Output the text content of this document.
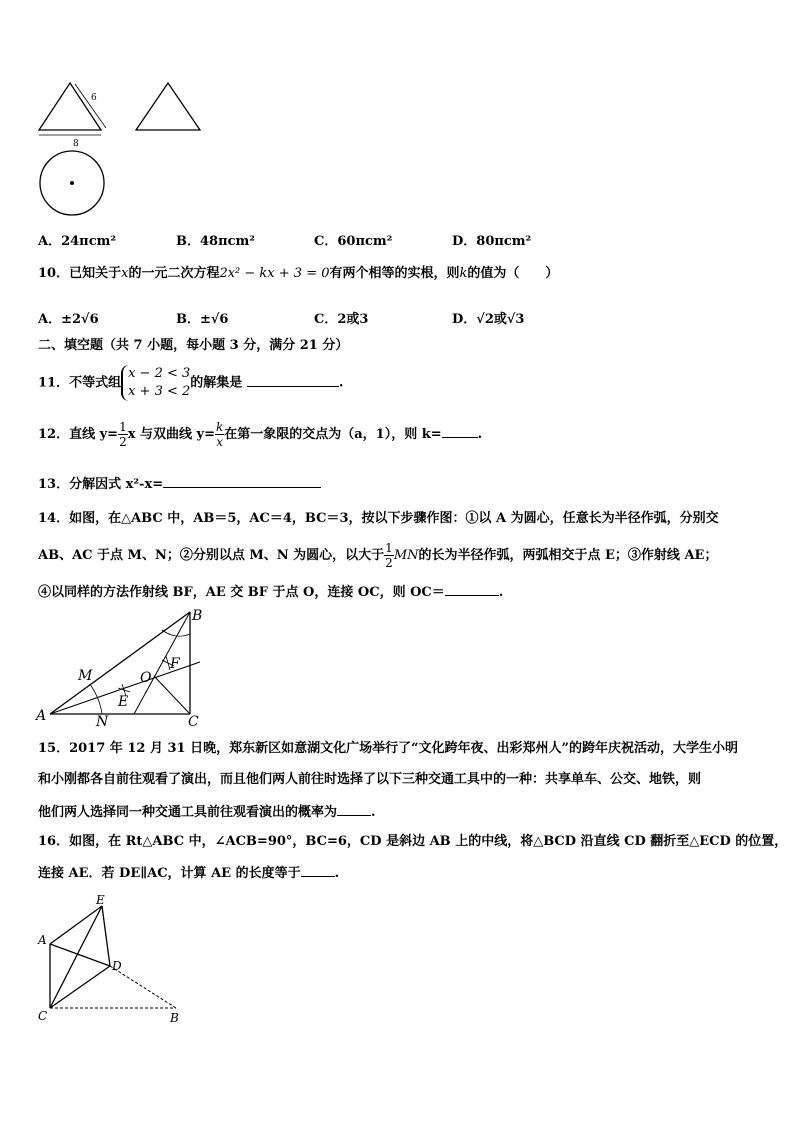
6
8
A．24πcm²	B．48πcm²	C．60πcm²	D．80πcm²
10．已知关于x的一元二次方程2x² − kx + 3 = 0有两个相等的实根，则k的值为（　　）
A．±2√6	B．±√6	C．2或3	D．√2或√3
二、填空题（共 7 小题，每小题 3 分，满分 21 分）
11．不等式组
x − 2 < 3
x + 3 < 2
的解集是	.
12．直线 $y= \frac{1}{2}$ x 与双曲线 $y= \frac{k}{x}$ 在第一象限的交点为（a，1），则 k=	.
13．分解因式 x²-x=
14．如图，在△ABC 中，AB＝5，AC＝4，BC＝3，按以下步骤作图：①以 A 为圆心，任意长为半径作弧，分别交
AB、AC 于点 M、N；②分别以点 M、N 为圆心，以大于 $\frac{1}{2}$ MN的长为半径作弧，两弧相交于点 E；③作射线 AE；
④以同样的方法作射线 BF，AE 交 BF 于点 O，连接 OC，则 OC＝	.
B
M
F
O
E
A	N	C
15．2017 年 12 月 31 日晚，郑东新区如意湖文化广场举行了“文化跨年夜、出彩郑州人”的跨年庆祝活动，大学生小明
和小刚都各自前往观看了演出，而且他们两人前往时选择了以下三种交通工具中的一种：共享单车、公交、地铁，则
他们两人选择同一种交通工具前往观看演出的概率为	.
16．如图，在 Rt△ABC 中，∠ACB=90°，BC=6，CD 是斜边 AB 上的中线，将△BCD 沿直线 CD 翻折至△ECD 的位置，
连接 AE．若 DE∥AC，计算 AE 的长度等于	.
E
A
D
C	B
